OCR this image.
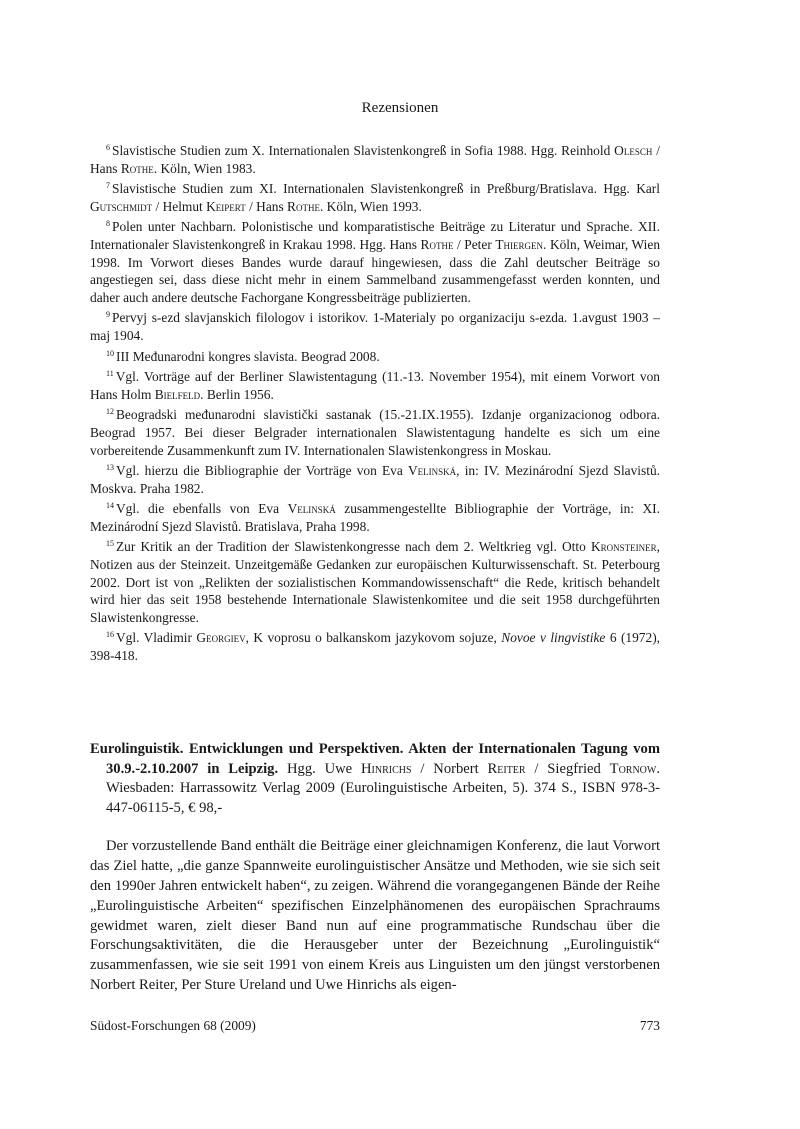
Rezensionen

$^6$ Slavistische Studien zum X. Internationalen Slavistenkongreß in Sofia 1988. Hgg. Reinhold Olesch / Hans Rothe. Köln, Wien 1983.

$^7$ Slavistische Studien zum XI. Internationalen Slavistenkongreß in Preßburg/Bratislava. Hgg. Karl Gutschmidt / Helmut Keipert / Hans Rothe. Köln, Wien 1993.

$^8$ Polen unter Nachbarn. Polonistische und komparatistische Beiträge zu Literatur und Sprache. XII. Internationaler Slavistenkongreß in Krakau 1998. Hgg. Hans Rothe / Peter Thiergen. Köln, Weimar, Wien 1998. Im Vorwort dieses Bandes wurde darauf hingewiesen, dass die Zahl deutscher Beiträge so angestiegen sei, dass diese nicht mehr in einem Sammelband zusammengefasst werden konnten, und daher auch andere deutsche Fachorgane Kongressbeiträge publizierten.

$^9$ Pervyj s-ezd slavjanskich filologov i istorikov. 1-Materialy po organizaciju s-ezda. 1.avgust 1903 – maj 1904.

$^{10}$ III Međunarodni kongres slavista. Beograd 2008.

$^{11}$ Vgl. Vorträge auf der Berliner Slawistentagung (11.-13. November 1954), mit einem Vorwort von Hans Holm Bielfeld. Berlin 1956.

$^{12}$ Beogradski međunarodni slavistički sastanak (15.-21.IX.1955). Izdanje organizacionog odbora. Beograd 1957. Bei dieser Belgrader internationalen Slawistentagung handelte es sich um eine vorbereitende Zusammenkunft zum IV. Internationalen Slawistenkongress in Moskau.

$^{13}$ Vgl. hierzu die Bibliographie der Vorträge von Eva Velinská, in: IV. Mezinárodní Sjezd Slavistů. Moskva. Praha 1982.

$^{14}$ Vgl. die ebenfalls von Eva Velinská zusammengestellte Bibliographie der Vorträge, in: XI. Mezinárodní Sjezd Slavistů. Bratislava, Praha 1998.

$^{15}$ Zur Kritik an der Tradition der Slawistenkongresse nach dem 2. Weltkrieg vgl. Otto Kronsteiner, Notizen aus der Steinzeit. Unzeitgemäße Gedanken zur europäischen Kulturwissenschaft. St. Peterbourg 2002. Dort ist von „Relikten der sozialistischen Kommandowissenschaft“ die Rede, kritisch behandelt wird hier das seit 1958 bestehende Internationale Slawistenkomitee und die seit 1958 durchgeführten Slawistenkongresse.

$^{16}$ Vgl. Vladimir Georgiev, K voprosu o balkanskom jazykovom sojuze, Novoe v lingvistike 6 (1972), 398-418.

Eurolinguistik. Entwicklungen und Perspektiven. Akten der Internationalen Tagung vom 30.9.-2.10.2007 in Leipzig. Hgg. Uwe Hinrichs / Norbert Reiter / Siegfried Tornow. Wiesbaden: Harrassowitz Verlag 2009 (Eurolinguistische Arbeiten, 5). 374 S., ISBN 978-3-447-06115-5, € 98,-

Der vorzustellende Band enthält die Beiträge einer gleichnamigen Konferenz, die laut Vorwort das Ziel hatte, „die ganze Spannweite eurolinguistischer Ansätze und Methoden, wie sie sich seit den 1990er Jahren entwickelt haben“, zu zeigen. Während die vorangegangenen Bände der Reihe „Eurolinguistische Arbeiten“ spezifischen Einzelphänomenen des europäischen Sprachraums gewidmet waren, zielt dieser Band nun auf eine programmatische Rundschau über die Forschungsaktivitäten, die die Herausgeber unter der Bezeichnung „Eurolinguistik“ zusammenfassen, wie sie seit 1991 von einem Kreis aus Linguisten um den jüngst verstorbenen Norbert Reiter, Per Sture Ureland und Uwe Hinrichs als eigen-

Südost-Forschungen 68 (2009)	773
